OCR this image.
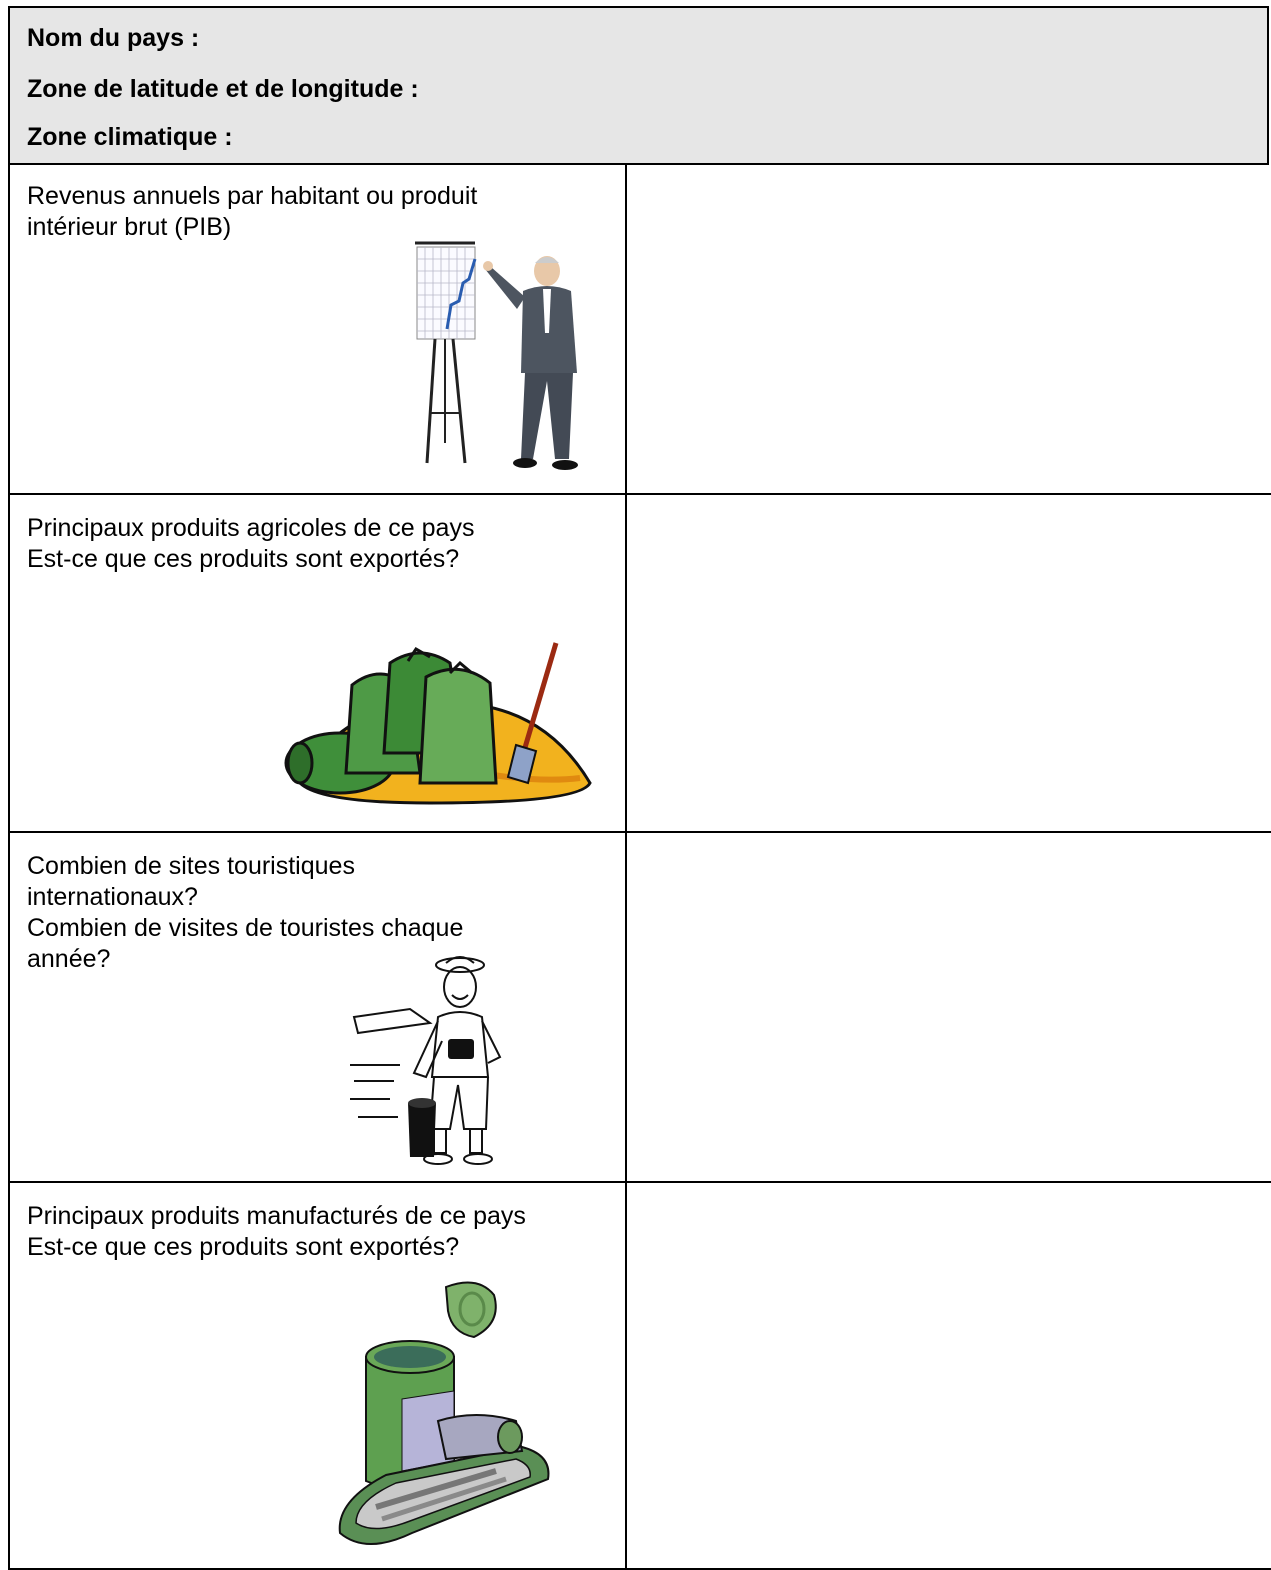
Nom du pays :
Zone de latitude et de longitude :
Zone climatique :
Revenus annuels par habitant ou produit
intérieur brut (PIB)
Principaux produits agricoles de ce pays
Est-ce que ces produits sont exportés?
Combien de sites touristiques
internationaux?
Combien de visites de touristes chaque
année?
Principaux produits manufacturés de ce pays
Est-ce que ces produits sont exportés?
